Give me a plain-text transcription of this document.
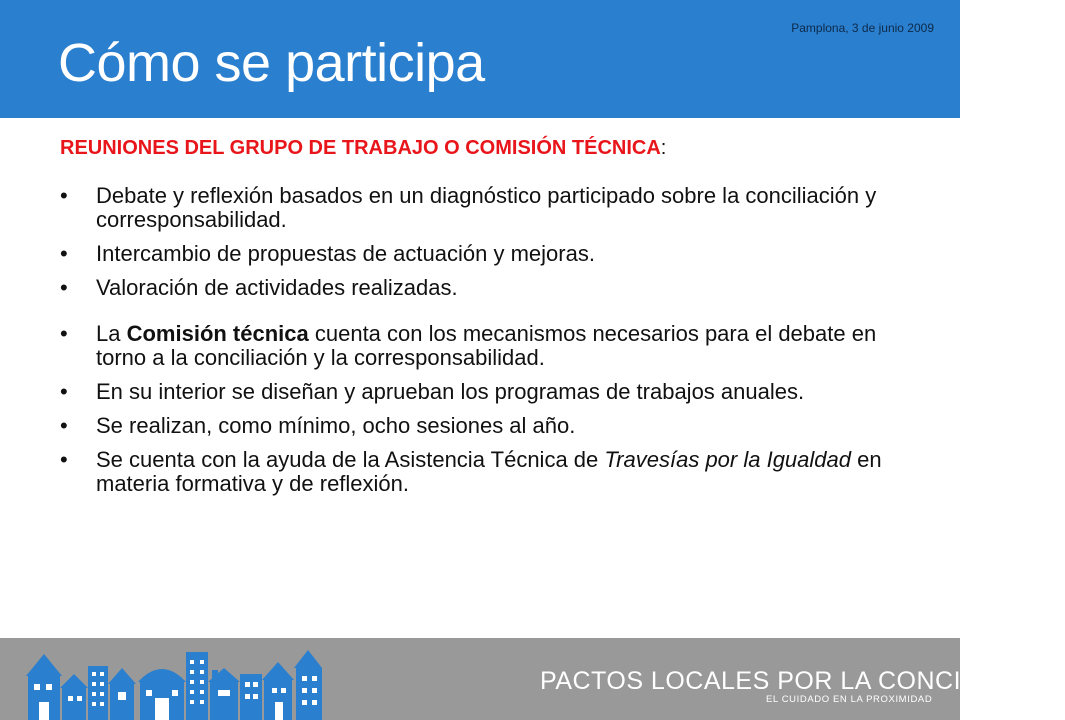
Pamplona, 3 de junio 2009
Cómo se participa

REUNIONES DEL GRUPO DE TRABAJO O COMISIÓN TÉCNICA:

• Debate y reflexión basados en un diagnóstico participado sobre la conciliación y corresponsabilidad.
• Intercambio de propuestas de actuación y mejoras.
• Valoración de actividades realizadas.
• La Comisión técnica cuenta con los mecanismos necesarios para el debate en torno a la conciliación y la corresponsabilidad.
• En su interior se diseñan y aprueban los programas de trabajos anuales.
• Se realizan, como mínimo, ocho sesiones al año.
• Se cuenta con la ayuda de la Asistencia Técnica de Travesías por la Igualdad en materia formativa y de reflexión.
PACTOS LOCALES POR LA CONCILIACIÓN
EL CUIDADO EN LA PROXIMIDAD
